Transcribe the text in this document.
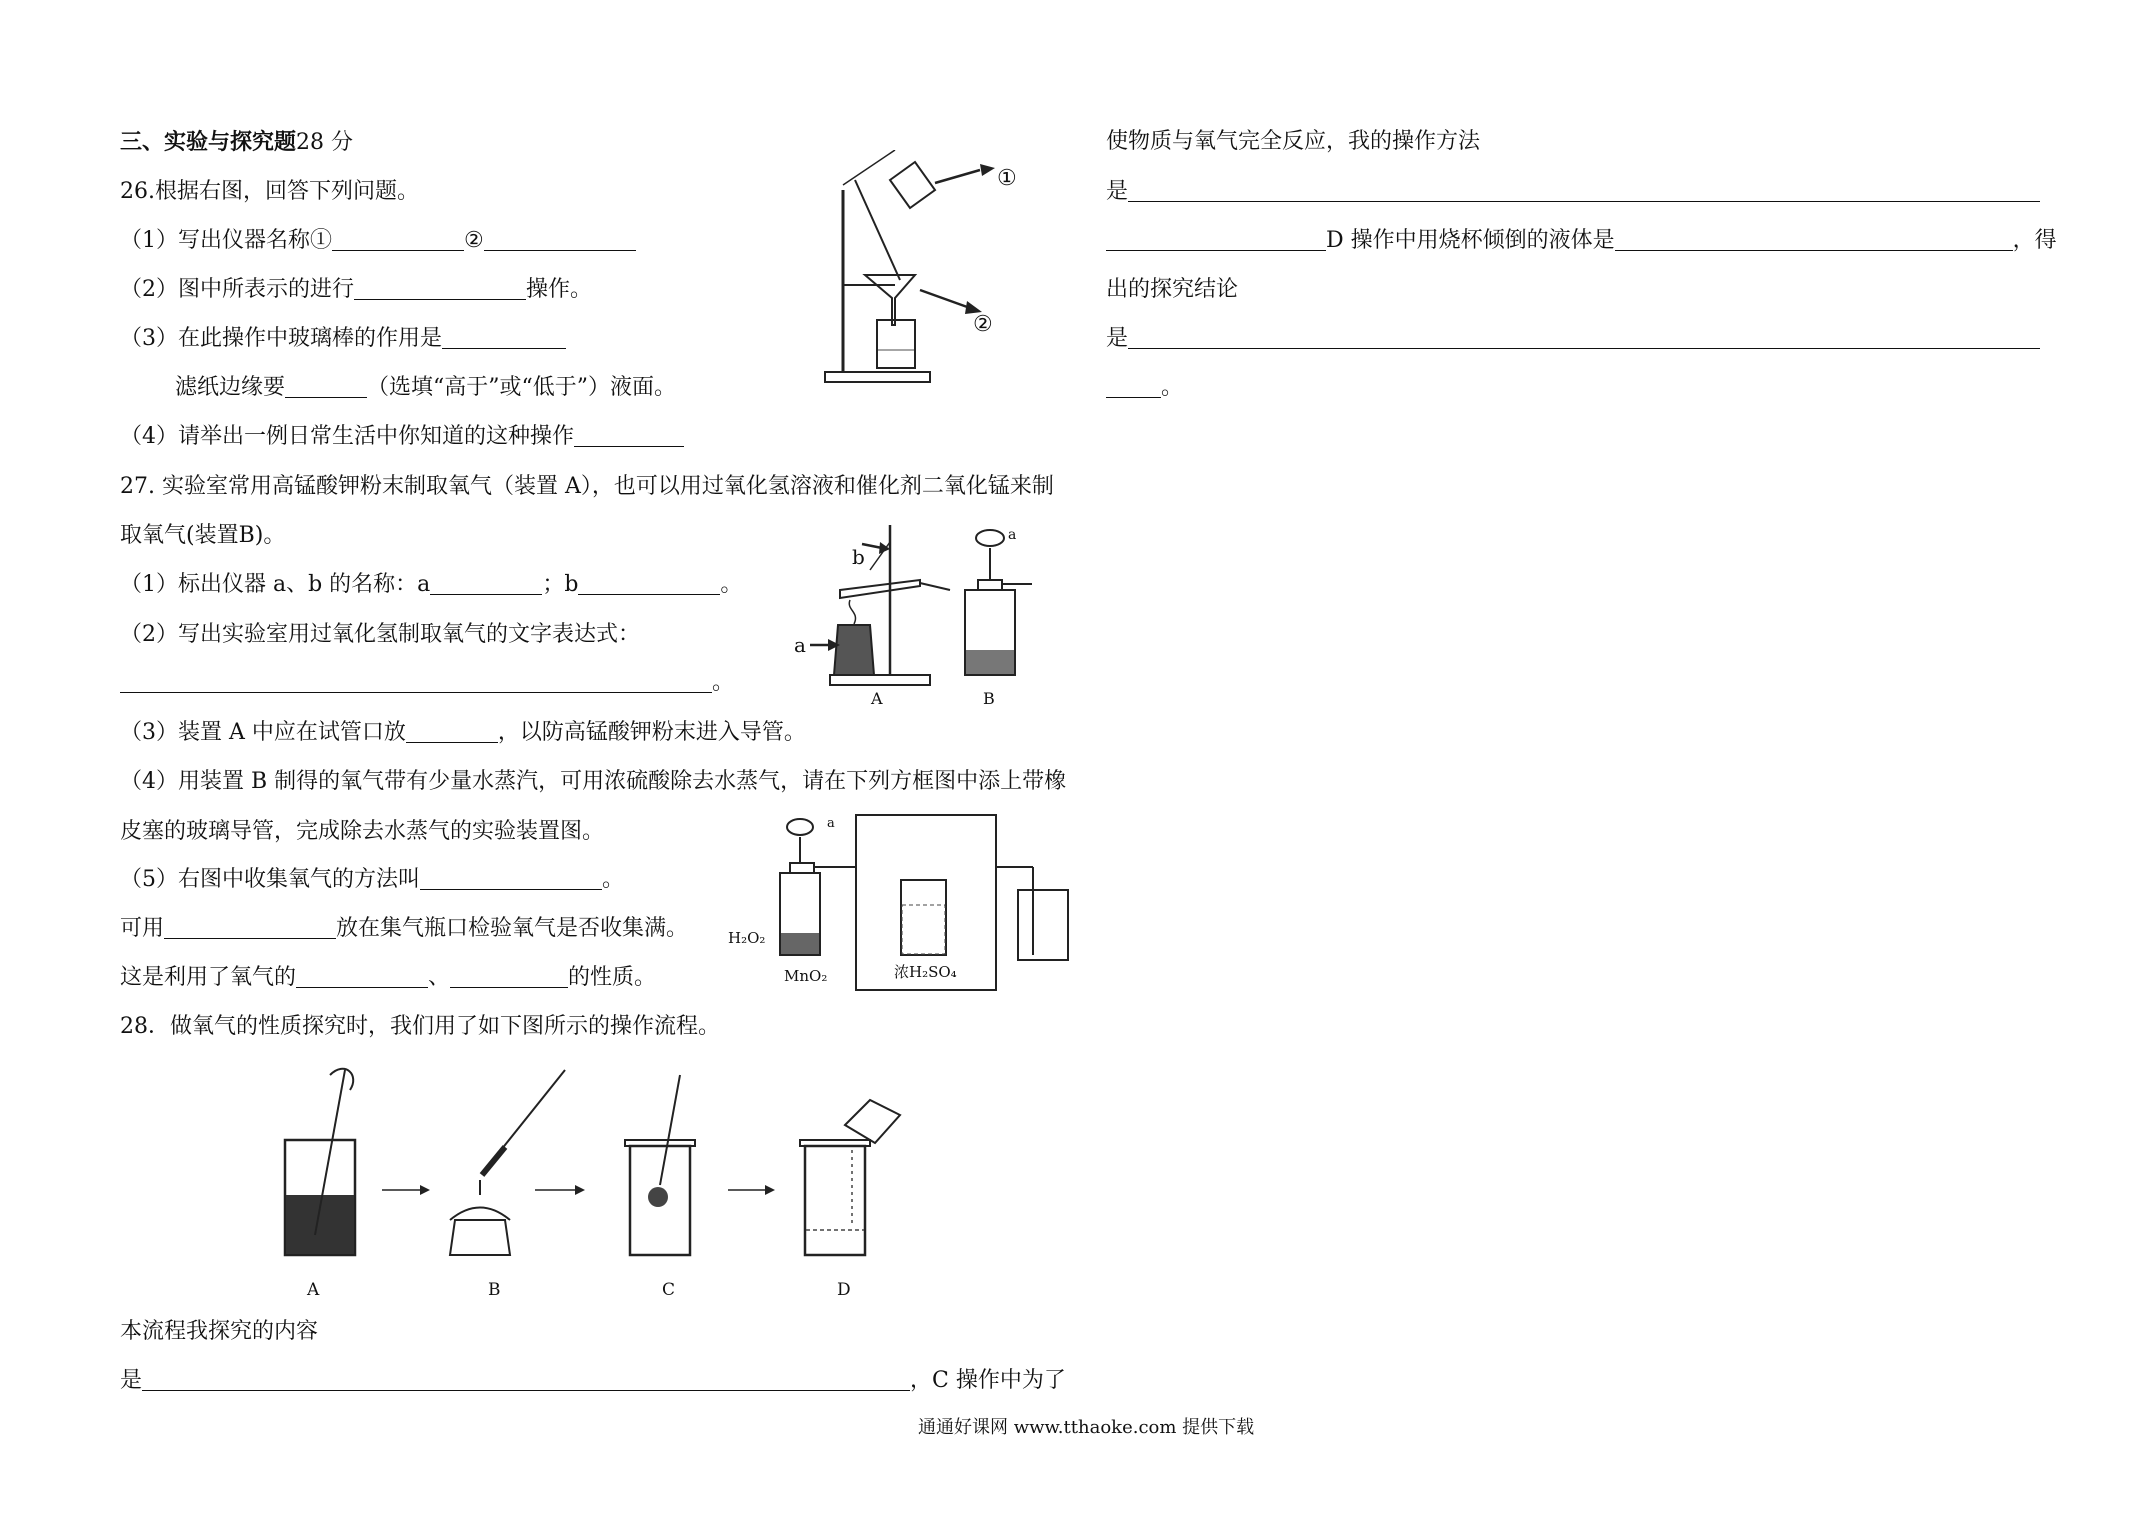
三、实验与探究题28 分
26.根据右图，回答下列问题。
（1）写出仪器名称①	②
（2）图中所表示的进行	操作。
（3）在此操作中玻璃棒的作用是
滤纸边缘要	（选填“高于”或“低于”）液面。
（4）请举出一例日常生活中你知道的这种操作
①
②
27. 实验室常用高锰酸钾粉末制取氧气（装置 A），也可以用过氧化氢溶液和催化剂二氧化锰来制
取氧气(装置B)。
（1）标出仪器 a、b 的名称：a	；b	。
（2）写出实验室用过氧化氢制取氧气的文字表达式：
。
（3）装置 A 中应在试管口放	，以防高锰酸钾粉末进入导管。
（4）用装置 B 制得的氧气带有少量水蒸汽，可用浓硫酸除去水蒸气，请在下列方框图中添上带橡
皮塞的玻璃导管，完成除去水蒸气的实验装置图。
（5）右图中收集氧气的方法叫	。
可用	放在集气瓶口检验氧气是否收集满。
这是利用了氧气的	、	的性质。
b
a
a
A	B
a
H₂O₂
MnO₂	浓H₂SO₄
28．做氧气的性质探究时，我们用了如下图所示的操作流程。
A	B	C	D
本流程我探究的内容
是	，C 操作中为了
使物质与氧气完全反应，我的操作方法
是
D 操作中用烧杯倾倒的液体是	，得
出的探究结论
是
。
通通好课网 www.tthaoke.com 提供下载
